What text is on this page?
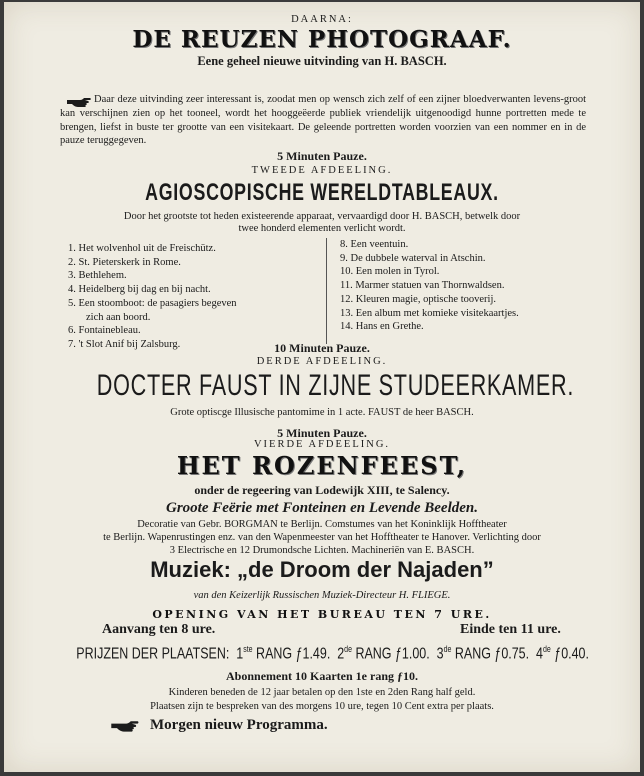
DAARNA:
DE REUZEN PHOTOGRAAF.
Eene geheel nieuwe uitvinding van H. BASCH.
Daar deze uitvinding zeer interessant is, zoodat men op wensch zich zelf of een zijner bloedverwanten levens-groot kan verschijnen zien op het tooneel, wordt het hooggeëerde publiek vriendelijk uitgenoodigd hunne portretten mede te brengen, liefst in buste ter grootte van een visitekaart. De geleende portretten worden voorzien van een nommer en in de pauze teruggegeven.
5 Minuten Pauze.
TWEEDE AFDEELING.
AGIOSCOPISCHE WERELDTABLEAUX.
Door het grootste tot heden existeerende apparaat, vervaardigd door H. BASCH, betwelk door
twee honderd elementen verlicht wordt.
1. Het wolvenhol uit de Freischütz.
2. St. Pieterskerk in Rome.
3. Bethlehem.
4. Heidelberg bij dag en bij nacht.
5. Een stoomboot: de pasagiers begeven
zich aan boord.
6. Fontainebleau.
7. 't Slot Anif bij Zalsburg.
8. Een veentuin.
9. De dubbele waterval in Atschin.
10. Een molen in Tyrol.
11. Marmer statuen van Thornwaldsen.
12. Kleuren magie, optische tooverij.
13. Een album met komieke visitekaartjes.
14. Hans en Grethe.
10 Minuten Pauze.
DERDE AFDEELING.
DOCTER FAUST IN ZIJNE STUDEERKAMER.
Grote optiscge Illusische pantomime in 1 acte. FAUST de heer BASCH.
5 Minuten Pauze.
VIERDE AFDEELING.
HET ROZENFEEST,
onder de regeering van Lodewijk XIII, te Salency.
Groote Feërie met Fonteinen en Levende Beelden.
Decoratie van Gebr. BORGMAN te Berlijn. Comstumes van het Koninklijk Hofftheater
te Berlijn. Wapenrustingen enz. van den Wapenmeester van het Hofftheater te Hanover. Verlichting door
3 Electrische en 12 Drumondsche Lichten. Machineriën van E. BASCH.
Muziek: „de Droom der Najaden”
van den Keizerlijk Russischen Muziek-Directeur H. FLIEGE.
OPENING VAN HET BUREAU TEN 7 URE.
Aanvang ten 8 ure.	Einde ten 11 ure.
PRIJZEN DER PLAATSEN: 1ste RANG ƒ1.49. 2de RANG ƒ1.00. 3de RANG ƒ0.75. 4de ƒ0.40.
Abonnement 10 Kaarten 1e rang ƒ10.
Kinderen beneden de 12 jaar betalen op den 1ste en 2den Rang half geld.
Plaatsen zijn te bespreken van des morgens 10 ure, tegen 10 Cent extra per plaats.
Morgen nieuw Programma.
